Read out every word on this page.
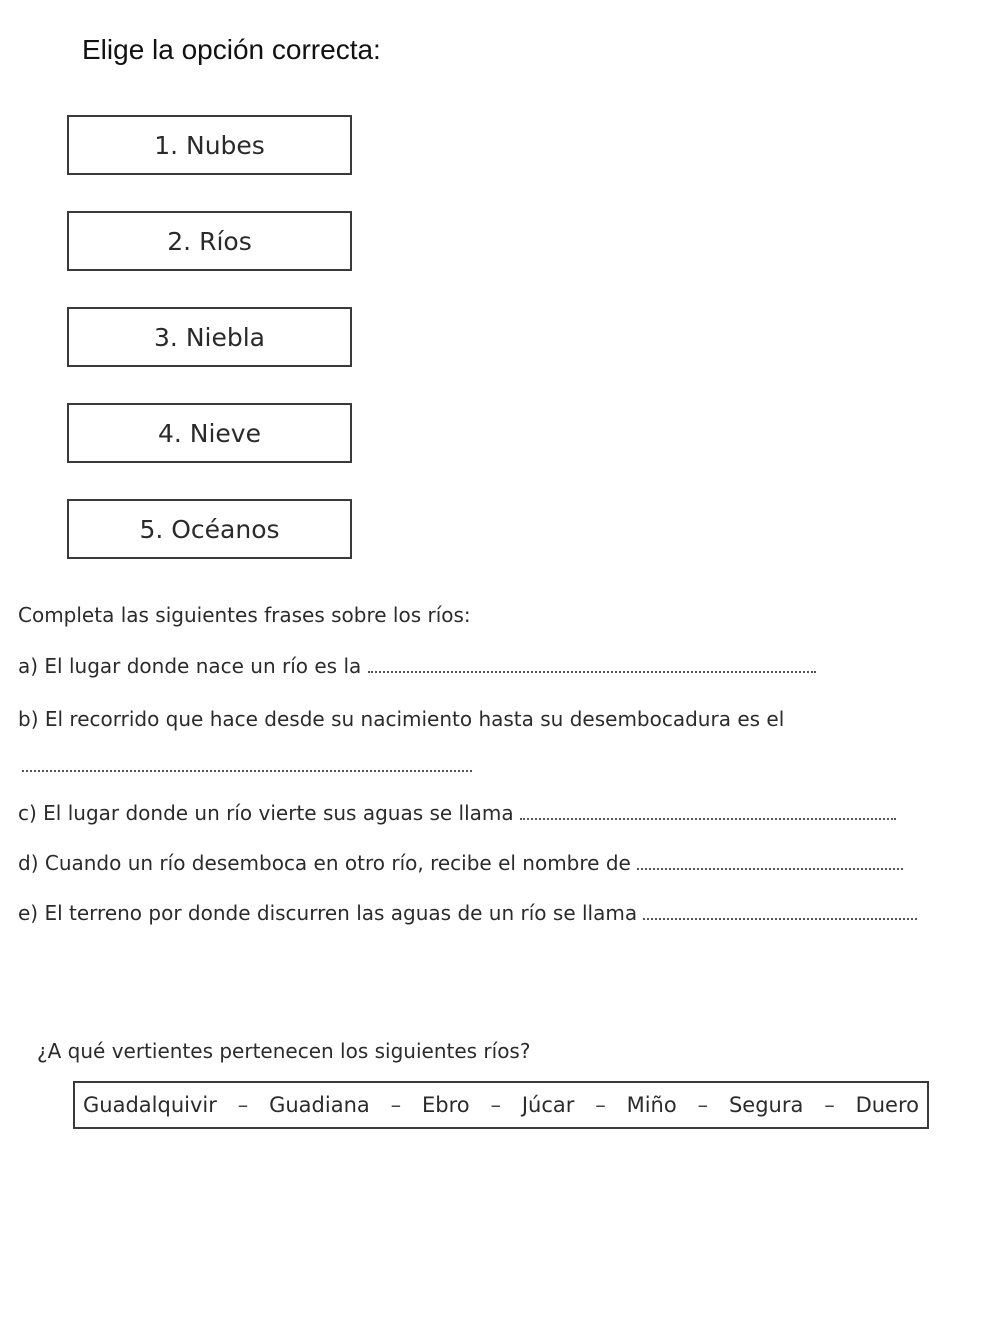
Elige la opción correcta:
1. Nubes
2. Ríos
3. Niebla
4. Nieve
5. Océanos
Completa las siguientes frases sobre los ríos:
a) El lugar donde nace un río es la
b) El recorrido que hace desde su nacimiento hasta su desembocadura es el
c) El lugar donde un río vierte sus aguas se llama
d) Cuando un río desemboca en otro río, recibe el nombre de
e) El terreno por donde discurren las aguas de un río se llama
¿A qué vertientes pertenecen los siguientes ríos?
Guadalquivir – Guadiana – Ebro – Júcar – Miño – Segura – Duero
